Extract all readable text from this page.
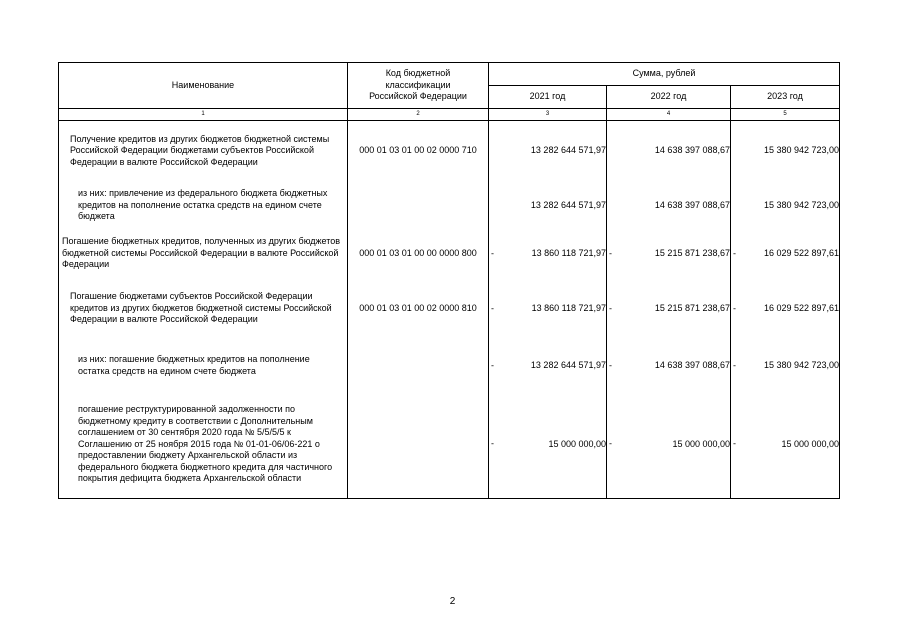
Наименование	Код бюджетной классификации Российской Федерации	Сумма, рублей		
		2021 год	2022 год	2023 год
1	2	3	4	5
Получение кредитов из других бюджетов бюджетной системы Российской Федерации бюджетами субъектов Российской Федерации в валюте Российской Федерации	000 01 03 01 00 02 0000 710	13 282 644 571,97	14 638 397 088,67	15 380 942 723,00
из них: привлечение из федерального бюджета бюджетных кредитов на пополнение остатка средств на едином счете бюджета		13 282 644 571,97	14 638 397 088,67	15 380 942 723,00
Погашение бюджетных кредитов, полученных из других бюджетов бюджетной системы Российской Федерации в валюте Российской Федерации	000 01 03 01 00 00 0000 800	- 13 860 118 721,97	- 15 215 871 238,67	- 16 029 522 897,61
Погашение бюджетами субъектов Российской Федерации кредитов из других бюджетов бюджетной системы Российской Федерации в валюте Российской Федерации	000 01 03 01 00 02 0000 810	- 13 860 118 721,97	- 15 215 871 238,67	- 16 029 522 897,61
из них: погашение бюджетных кредитов на пополнение остатка средств на едином счете бюджета		- 13 282 644 571,97	- 14 638 397 088,67	- 15 380 942 723,00
погашение реструктурированной задолженности по бюджетному кредиту в соответствии с Дополнительным соглашением от 30 сентября 2020 года № 5/5/5/5 к Соглашению от 25 ноября 2015 года № 01-01-06/06-221 о предоставлении бюджету Архангельской области из федерального бюджета бюджетного кредита для частичного покрытия дефицита бюджета Архангельской области		- 15 000 000,00	- 15 000 000,00	- 15 000 000,00
2
